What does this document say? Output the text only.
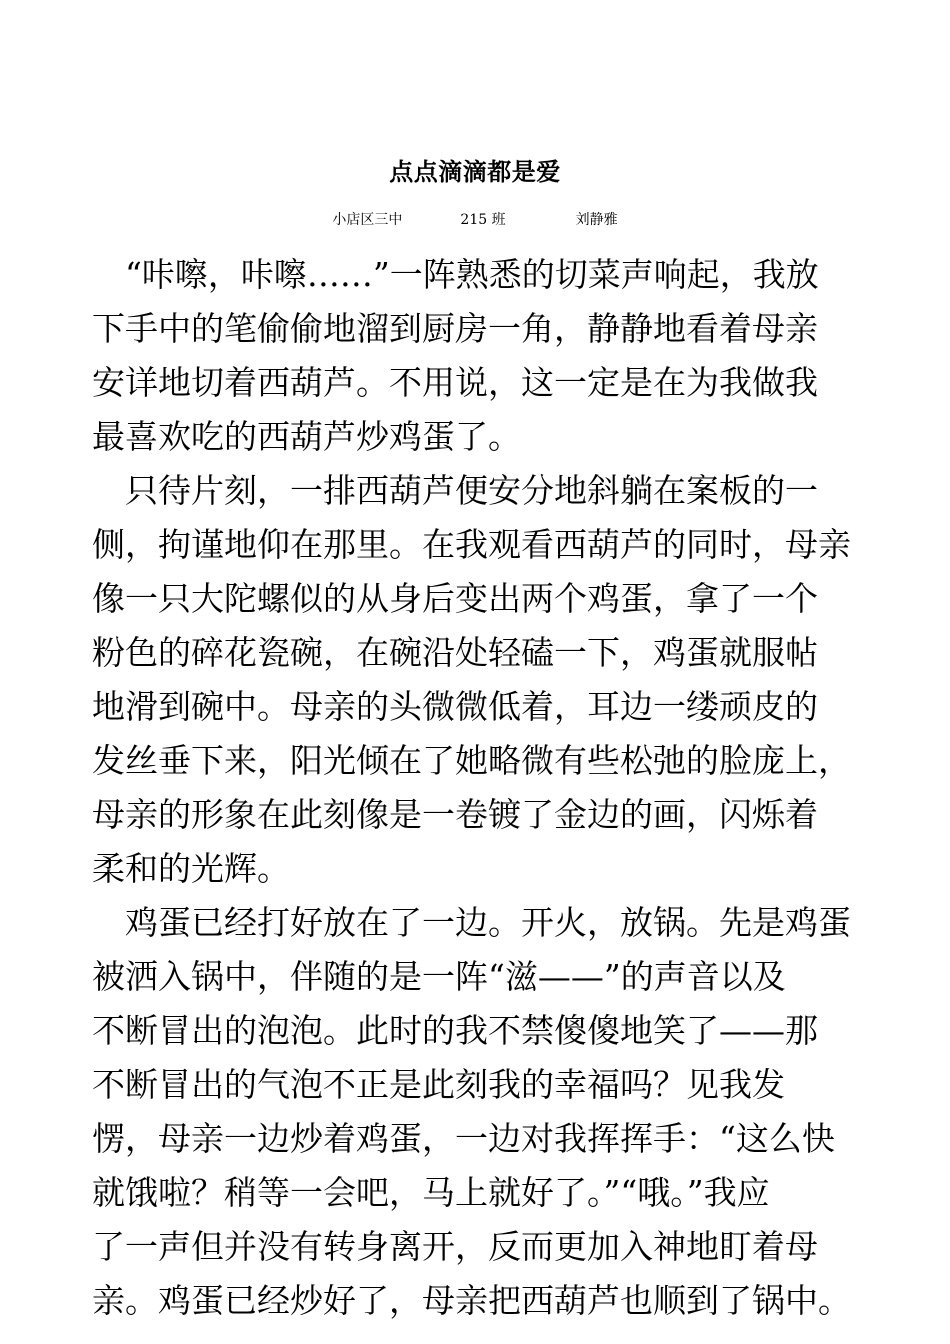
点点滴滴都是爱
小店区三中	215 班	刘静雅
　“咔嚓，咔嚓……”一阵熟悉的切菜声响起，我放
下手中的笔偷偷地溜到厨房一角，静静地看着母亲
安详地切着西葫芦。不用说，这一定是在为我做我
最喜欢吃的西葫芦炒鸡蛋了。
　只待片刻，一排西葫芦便安分地斜躺在案板的一
侧，拘谨地仰在那里。在我观看西葫芦的同时，母亲
像一只大陀螺似的从身后变出两个鸡蛋，拿了一个
粉色的碎花瓷碗，在碗沿处轻磕一下，鸡蛋就服帖
地滑到碗中。母亲的头微微低着，耳边一缕顽皮的
发丝垂下来，阳光倾在了她略微有些松弛的脸庞上，
母亲的形象在此刻像是一卷镀了金边的画，闪烁着
柔和的光辉。
　鸡蛋已经打好放在了一边。开火，放锅。先是鸡蛋
被洒入锅中，伴随的是一阵“滋——”的声音以及
不断冒出的泡泡。此时的我不禁傻傻地笑了——那
不断冒出的气泡不正是此刻我的幸福吗？见我发
愣，母亲一边炒着鸡蛋，一边对我挥挥手：“这么快
就饿啦？稍等一会吧，马上就好了。”“哦。”我应
了一声但并没有转身离开，反而更加入神地盯着母
亲。鸡蛋已经炒好了，母亲把西葫芦也顺到了锅中。
